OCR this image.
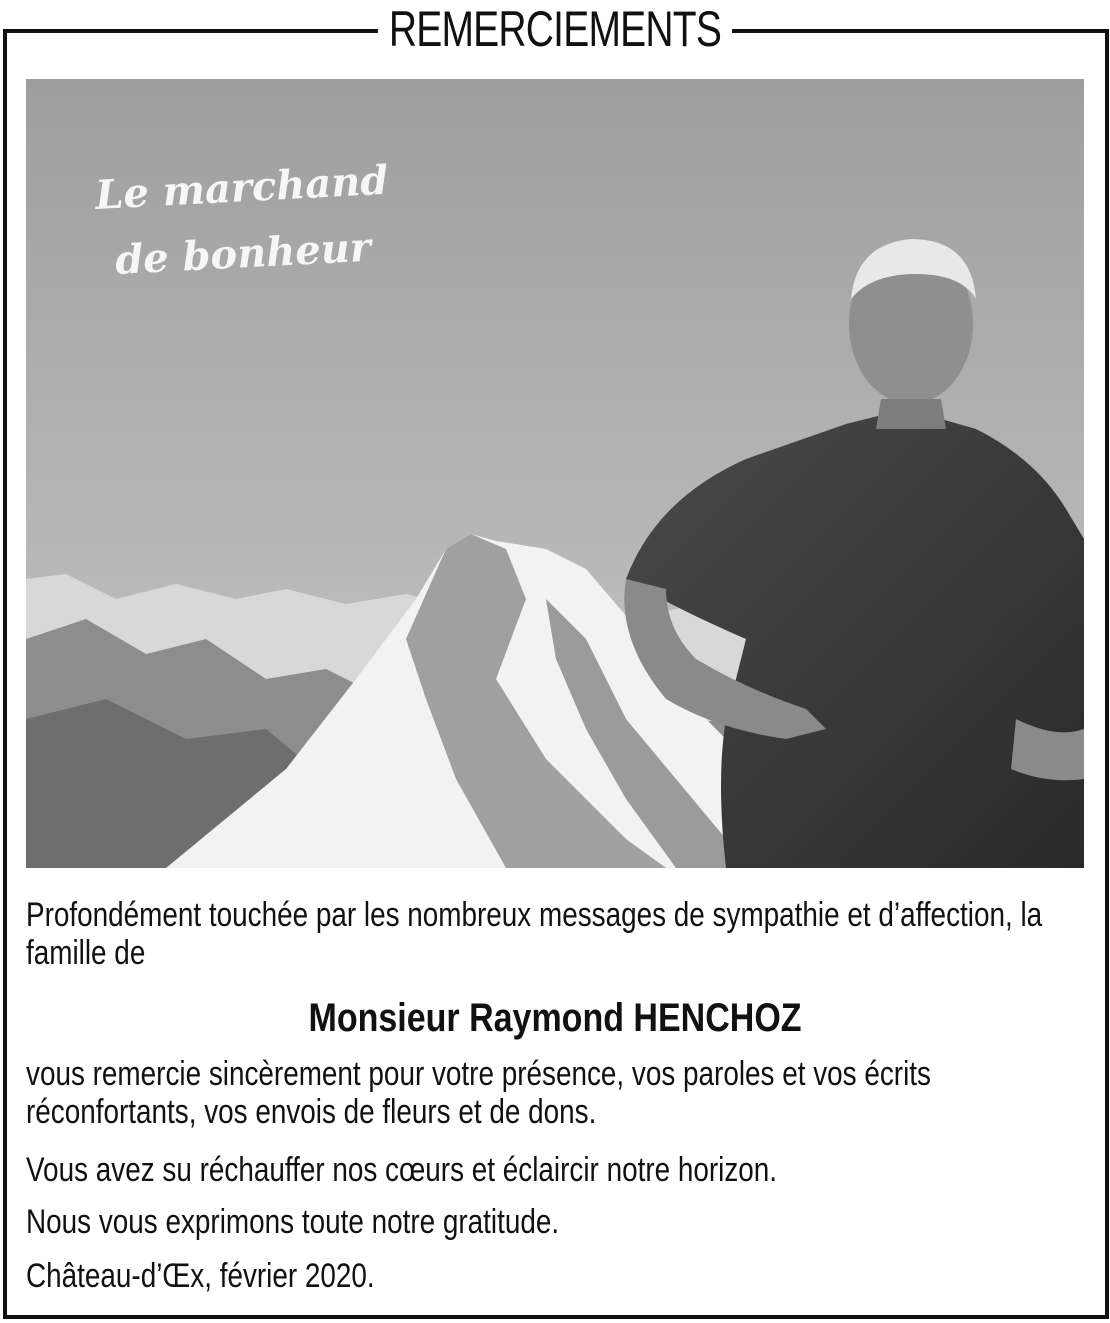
REMERCIEMENTS
Le marchand
de bonheur
Profondément touchée par les nombreux messages de sympathie et d’affection, la famille de
Monsieur Raymond HENCHOZ
vous remercie sincèrement pour votre présence, vos paroles et vos écrits réconfortants, vos envois de fleurs et de dons.
Vous avez su réchauffer nos cœurs et éclaircir notre horizon.
Nous vous exprimons toute notre gratitude.
Château-d’Œx, février 2020.
